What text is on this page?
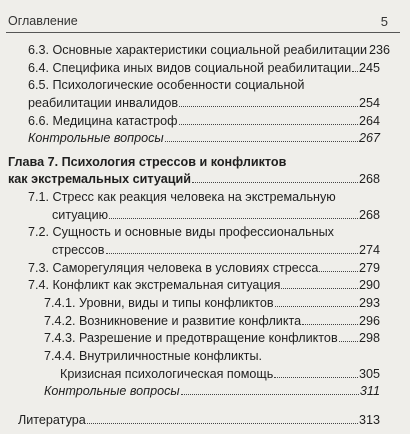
Оглавление	5
6.3. Основные характеристики социальной реабилитации 236
6.4. Специфика иных видов социальной реабилитации 245
6.5. Психологические особенности социальной
реабилитации инвалидов	254
6.6. Медицина катастроф	264
Контрольные вопросы	267
Глава 7. Психология стрессов и конфликтов
как экстремальных ситуаций	268
7.1. Стресс как реакция человека на экстремальную
ситуацию	268
7.2. Сущность и основные виды профессиональных
стрессов	274
7.3. Саморегуляция человека в условиях стресса	279
7.4. Конфликт как экстремальная ситуация	290
7.4.1. Уровни, виды и типы конфликтов	293
7.4.2. Возникновение и развитие конфликта	296
7.4.3. Разрешение и предотвращение конфликтов 298
7.4.4. Внутриличностные конфликты.
Кризисная психологическая помощь	305
Контрольные вопросы	311
Литература	313
